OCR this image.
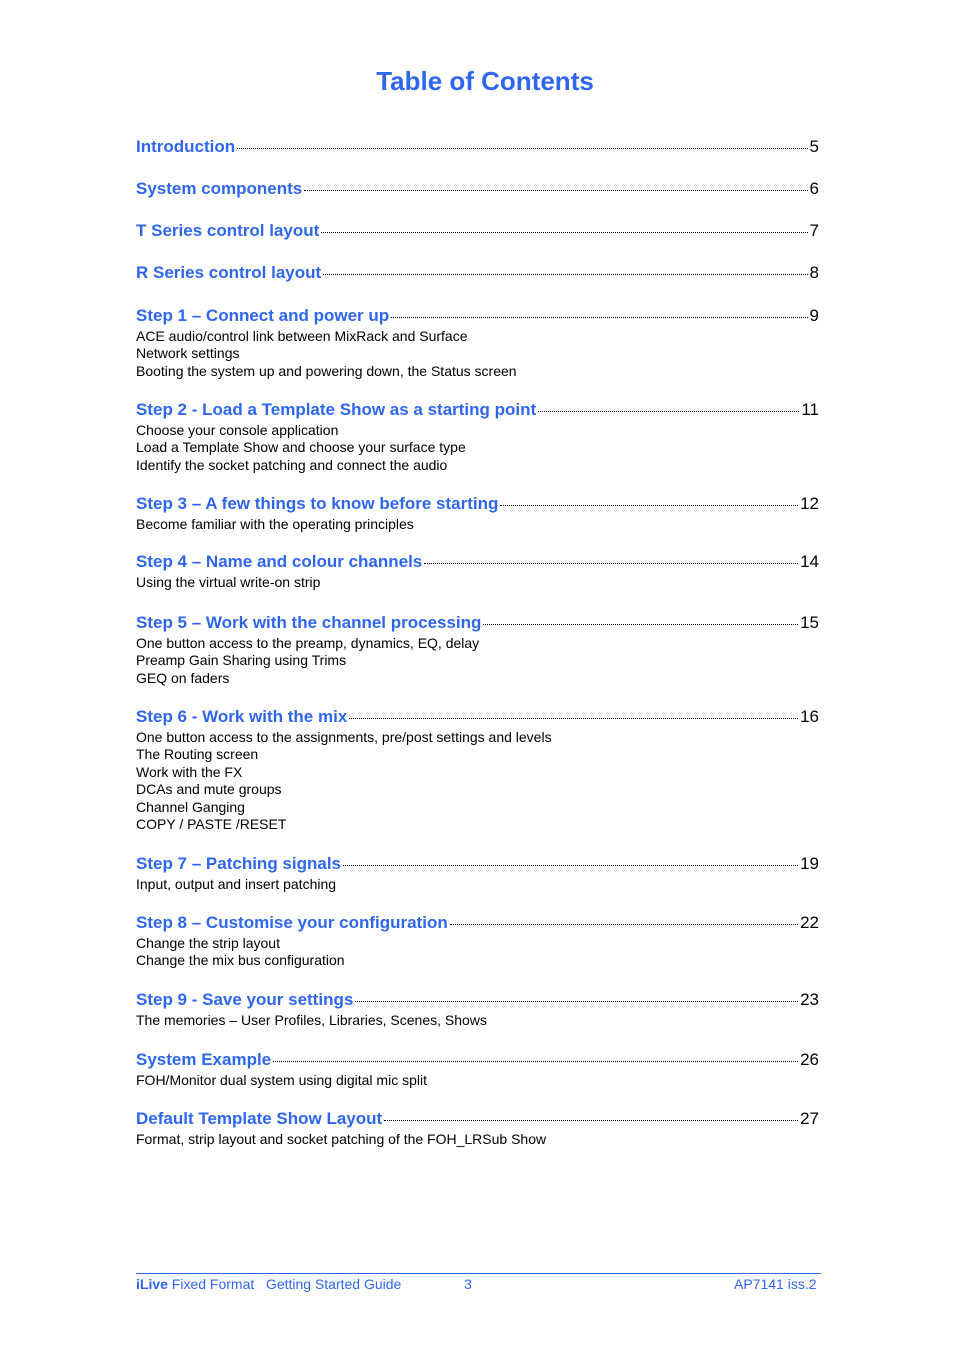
Table of Contents
Introduction	5
System components	6
T Series control layout	7
R Series control layout	8
Step 1 – Connect and power up	9
ACE audio/control link between MixRack and Surface
Network settings
Booting the system up and powering down, the Status screen
Step 2 - Load a Template Show as a starting point	11
Choose your console application
Load a Template Show and choose your surface type
Identify the socket patching and connect the audio
Step 3 – A few things to know before starting	12
Become familiar with the operating principles
Step 4 – Name and colour channels	14
Using the virtual write-on strip
Step 5 – Work with the channel processing	15
One button access to the preamp, dynamics, EQ, delay
Preamp Gain Sharing using Trims
GEQ on faders
Step 6 - Work with the mix	16
One button access to the assignments, pre/post settings and levels
The Routing screen
Work with the FX
DCAs and mute groups
Channel Ganging
COPY / PASTE /RESET
Step 7 – Patching signals	19
Input, output and insert patching
Step 8 – Customise your configuration	22
Change the strip layout
Change the mix bus configuration
Step 9 - Save your settings	23
The memories – User Profiles, Libraries, Scenes, Shows
System Example	26
FOH/Monitor dual system using digital mic split
Default Template Show Layout	27
Format, strip layout and socket patching of the FOH_LRSub Show
iLive Fixed Format   Getting Started Guide	3	AP7141 iss.2
